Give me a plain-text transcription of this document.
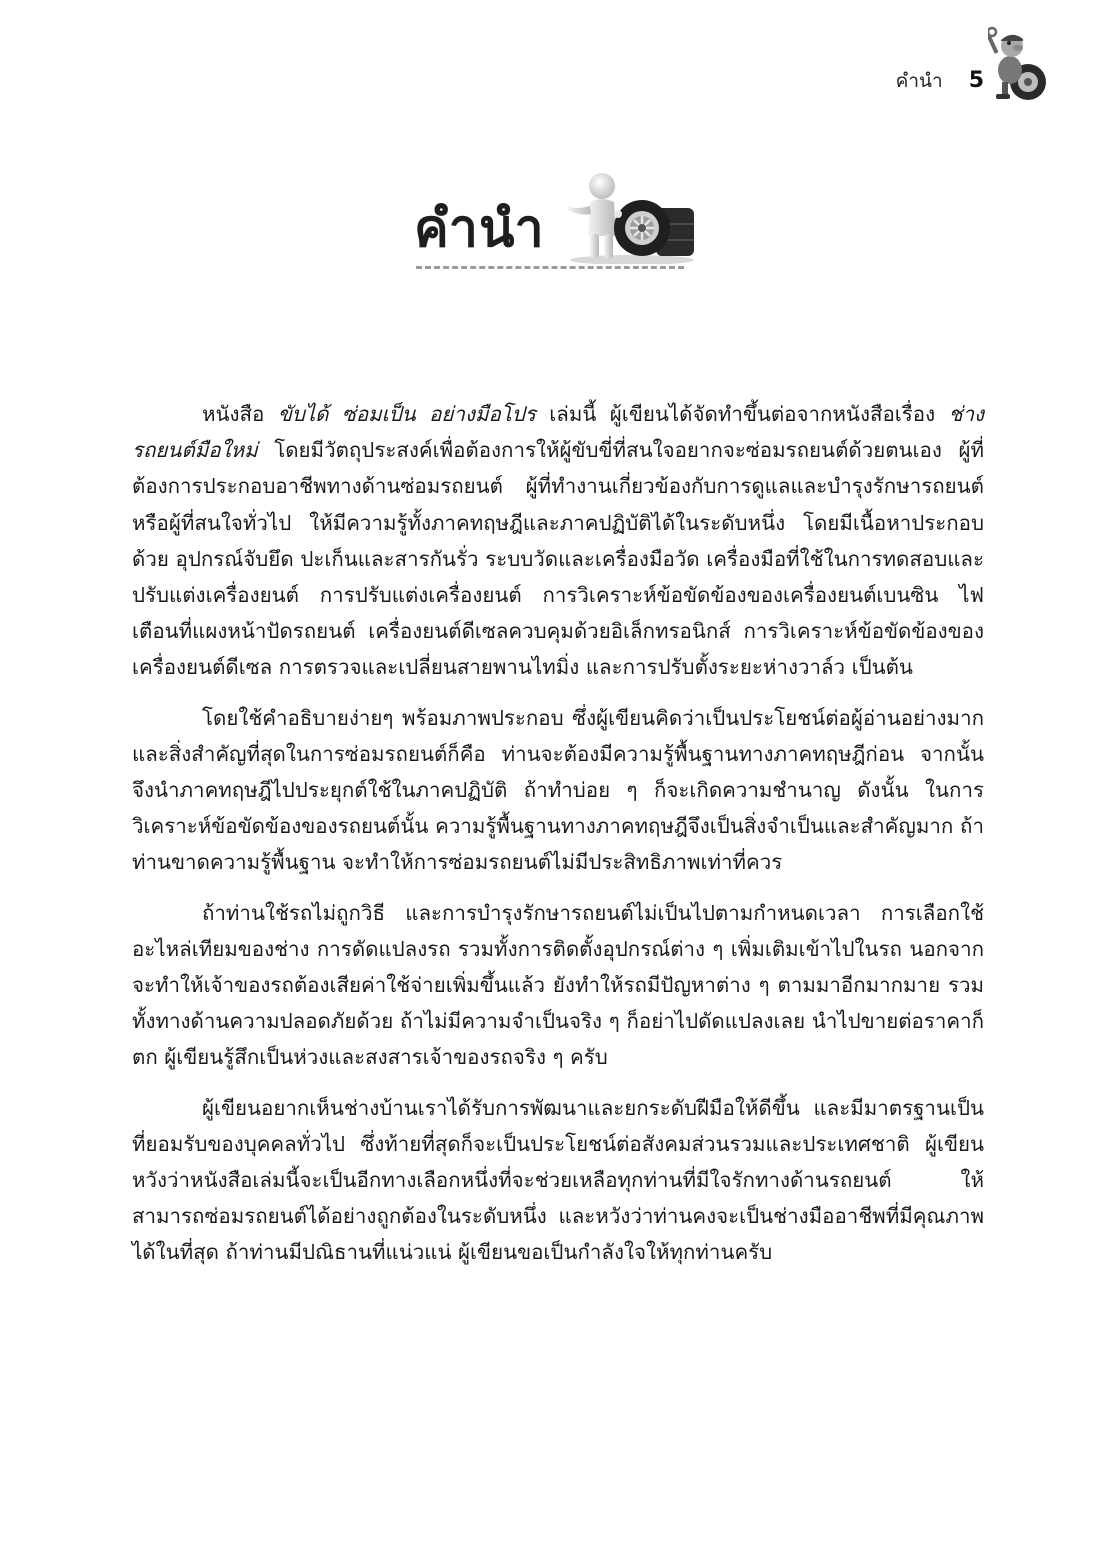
คำนำ 5
คำนำ

หนังสือ ขับได้ ซ่อมเป็น อย่างมือโปร เล่มนี้ ผู้เขียนได้จัดทำขึ้นต่อจากหนังสือเรื่อง ช่างรถยนต์มือใหม่ โดยมีวัตถุประสงค์เพื่อต้องการให้ผู้ขับขี่ที่สนใจอยากจะซ่อมรถยนต์ด้วยตนเอง ผู้ที่ต้องการประกอบอาชีพทางด้านซ่อมรถยนต์ ผู้ที่ทำงานเกี่ยวข้องกับการดูแลและบำรุงรักษารถยนต์ หรือผู้ที่สนใจทั่วไป ให้มีความรู้ทั้งภาคทฤษฎีและภาคปฏิบัติได้ในระดับหนึ่ง โดยมีเนื้อหาประกอบด้วย อุปกรณ์จับยึด ปะเก็นและสารกันรั่ว ระบบวัดและเครื่องมือวัด เครื่องมือที่ใช้ในการทดสอบและปรับแต่งเครื่องยนต์ การปรับแต่งเครื่องยนต์ การวิเคราะห์ข้อขัดข้องของเครื่องยนต์เบนซิน ไฟเตือนที่แผงหน้าปัดรถยนต์ เครื่องยนต์ดีเซลควบคุมด้วยอิเล็กทรอนิกส์ การวิเคราะห์ข้อขัดข้องของเครื่องยนต์ดีเซล การตรวจและเปลี่ยนสายพานไทมิ่ง และการปรับตั้งระยะห่างวาล์ว เป็นต้น

โดยใช้คำอธิบายง่ายๆ พร้อมภาพประกอบ ซึ่งผู้เขียนคิดว่าเป็นประโยชน์ต่อผู้อ่านอย่างมาก และสิ่งสำคัญที่สุดในการซ่อมรถยนต์ก็คือ ท่านจะต้องมีความรู้พื้นฐานทางภาคทฤษฎีก่อน จากนั้นจึงนำภาคทฤษฎีไปประยุกต์ใช้ในภาคปฏิบัติ ถ้าทำบ่อย ๆ ก็จะเกิดความชำนาญ ดังนั้น ในการวิเคราะห์ข้อขัดข้องของรถยนต์นั้น ความรู้พื้นฐานทางภาคทฤษฎีจึงเป็นสิ่งจำเป็นและสำคัญมาก ถ้าท่านขาดความรู้พื้นฐาน จะทำให้การซ่อมรถยนต์ไม่มีประสิทธิภาพเท่าที่ควร

ถ้าท่านใช้รถไม่ถูกวิธี และการบำรุงรักษารถยนต์ไม่เป็นไปตามกำหนดเวลา การเลือกใช้อะไหล่เทียมของช่าง การดัดแปลงรถ รวมทั้งการติดตั้งอุปกรณ์ต่าง ๆ เพิ่มเติมเข้าไปในรถ นอกจากจะทำให้เจ้าของรถต้องเสียค่าใช้จ่ายเพิ่มขึ้นแล้ว ยังทำให้รถมีปัญหาต่าง ๆ ตามมาอีกมากมาย รวมทั้งทางด้านความปลอดภัยด้วย ถ้าไม่มีความจำเป็นจริง ๆ ก็อย่าไปดัดแปลงเลย นำไปขายต่อราคาก็ตก ผู้เขียนรู้สึกเป็นห่วงและสงสารเจ้าของรถจริง ๆ ครับ

ผู้เขียนอยากเห็นช่างบ้านเราได้รับการพัฒนาและยกระดับฝีมือให้ดีขึ้น และมีมาตรฐานเป็นที่ยอมรับของบุคคลทั่วไป ซึ่งท้ายที่สุดก็จะเป็นประโยชน์ต่อสังคมส่วนรวมและประเทศชาติ ผู้เขียนหวังว่าหนังสือเล่มนี้จะเป็นอีกทางเลือกหนึ่งที่จะช่วยเหลือทุกท่านที่มีใจรักทางด้านรถยนต์ ให้สามารถซ่อมรถยนต์ได้อย่างถูกต้องในระดับหนึ่ง และหวังว่าท่านคงจะเป็นช่างมืออาชีพที่มีคุณภาพได้ในที่สุด ถ้าท่านมีปณิธานที่แน่วแน่ ผู้เขียนขอเป็นกำลังใจให้ทุกท่านครับ
